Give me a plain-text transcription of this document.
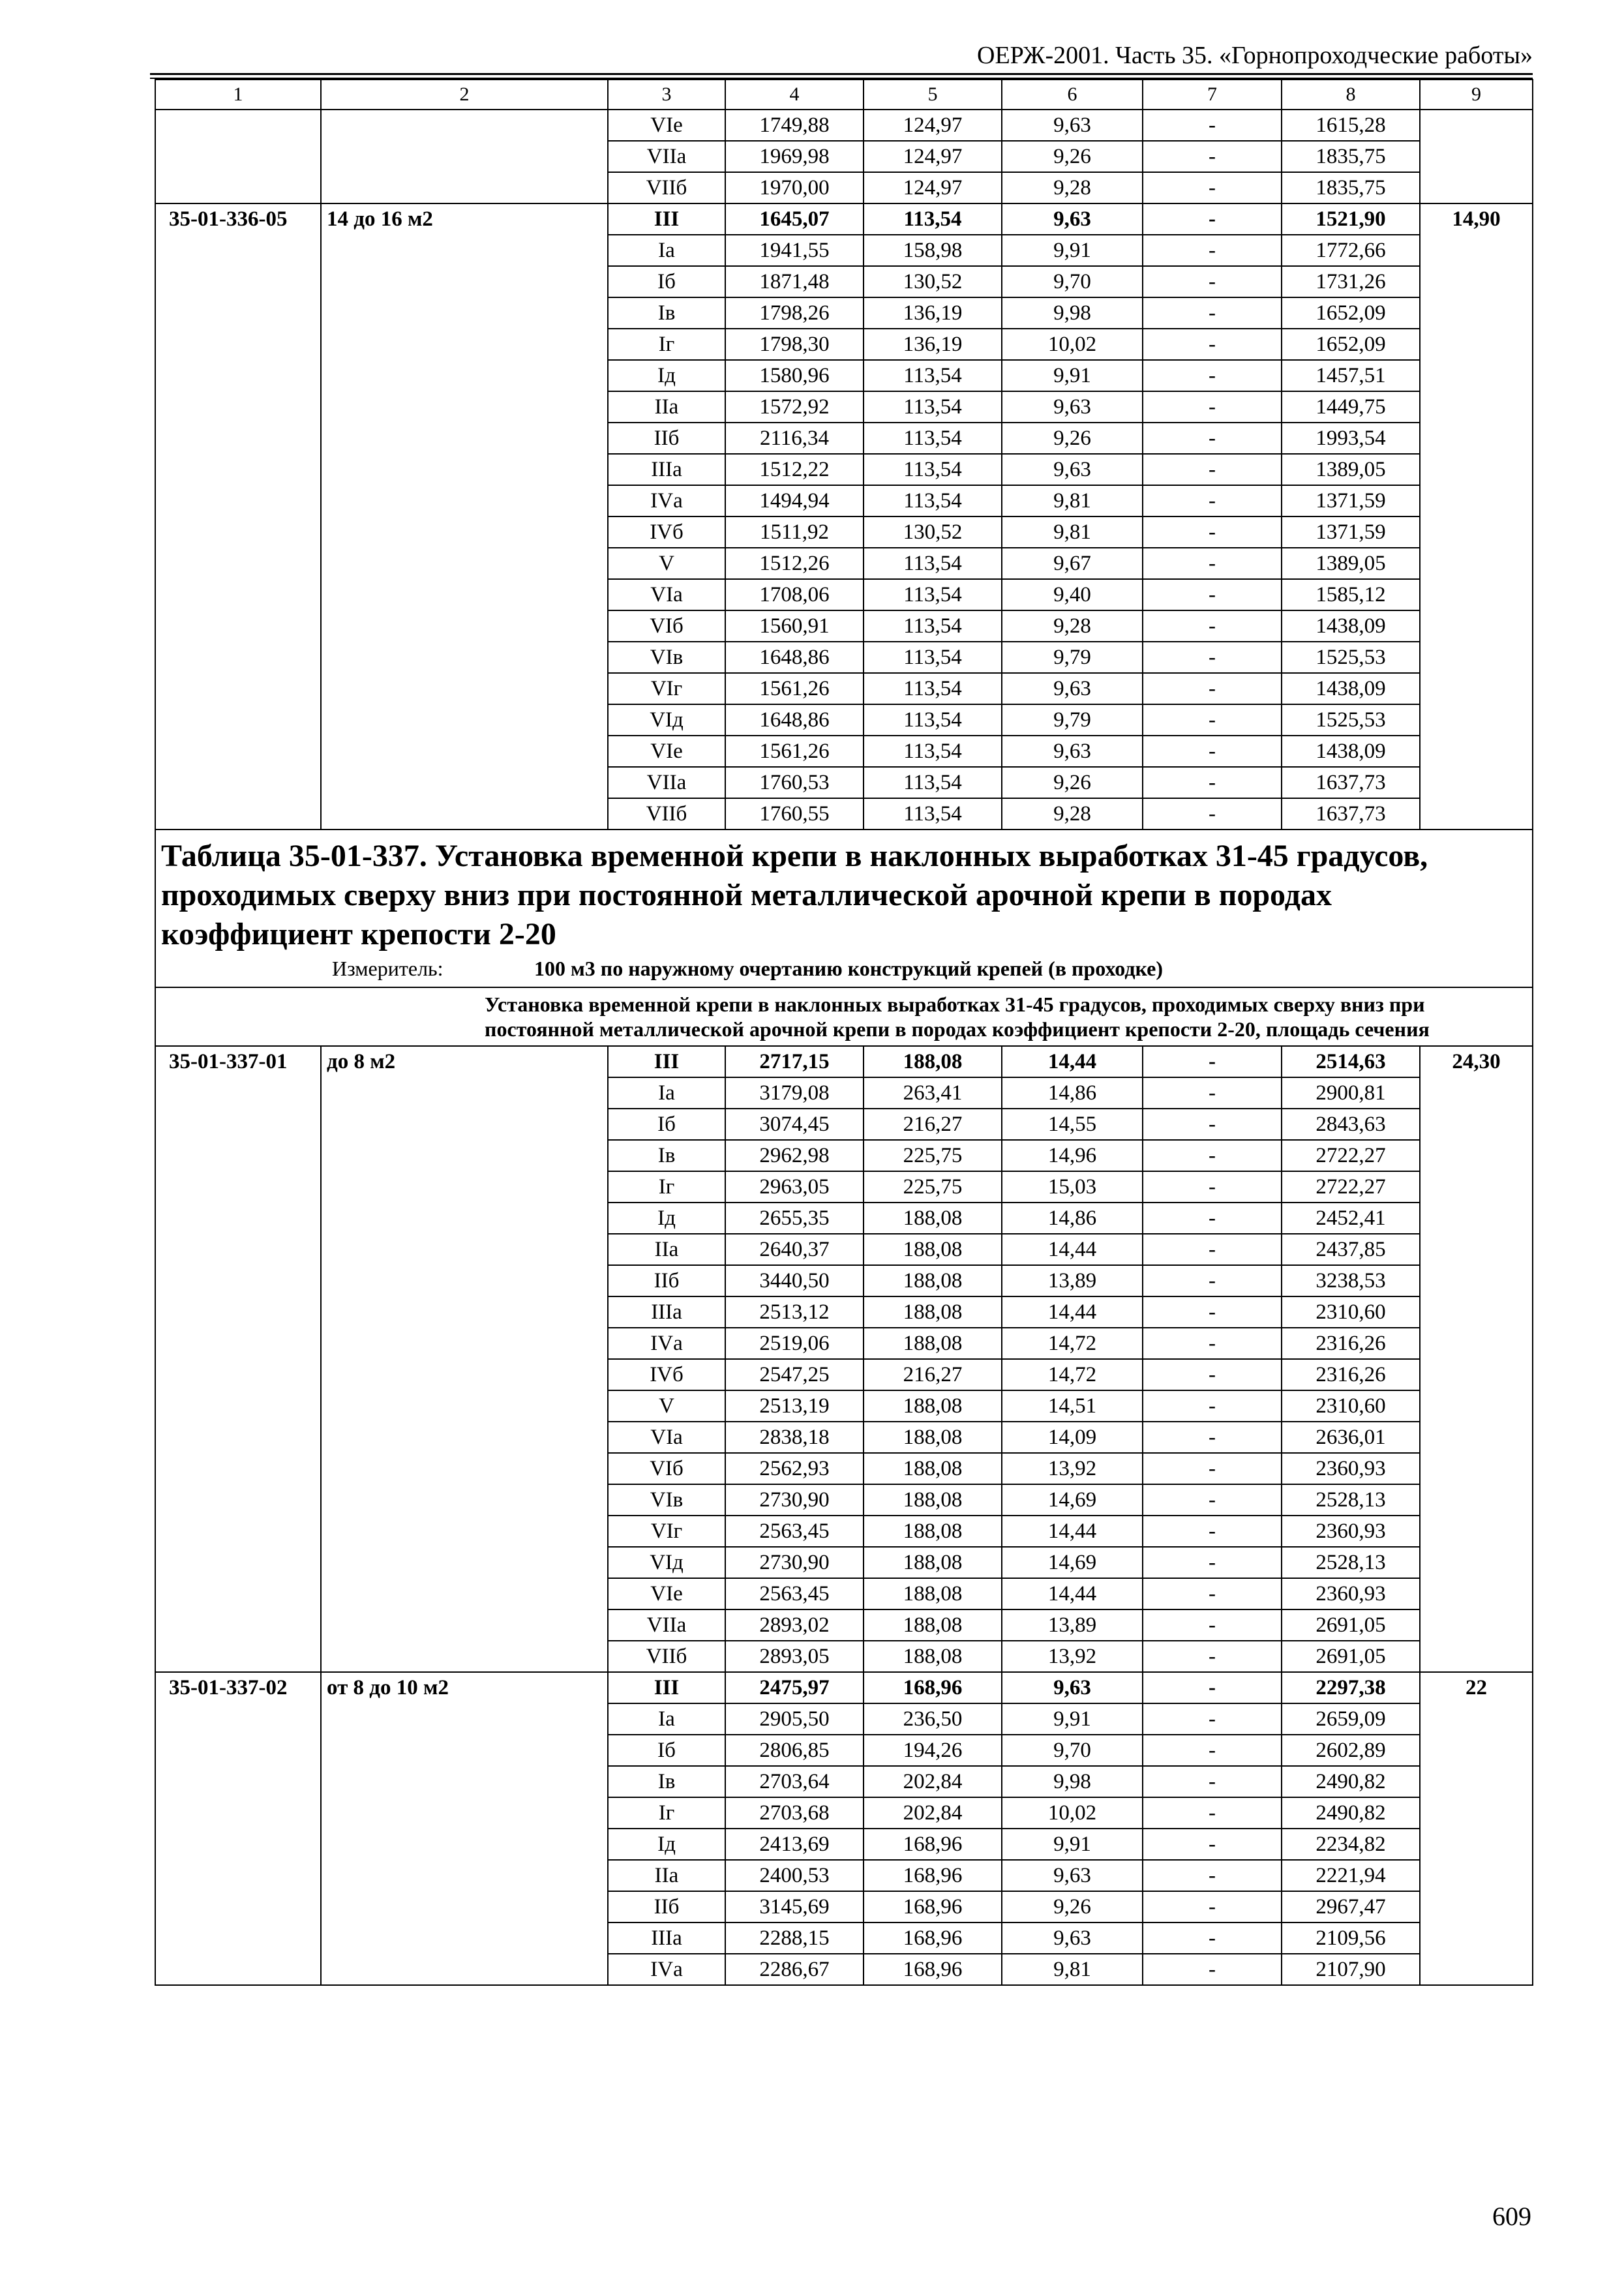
ОЕРЖ-2001. Часть 35. «Горнопроходческие работы»
1	2	3	4	5	6	7	8	9
		VIе	1749,88	124,97	9,63	-	1615,28	
		VIIа	1969,98	124,97	9,26	-	1835,75	
		VIIб	1970,00	124,97	9,28	-	1835,75	
35-01-336-05	14 до 16 м2	III	1645,07	113,54	9,63	-	1521,90	14,90
		Iа	1941,55	158,98	9,91	-	1772,66	
		Iб	1871,48	130,52	9,70	-	1731,26	
		Iв	1798,26	136,19	9,98	-	1652,09	
		Iг	1798,30	136,19	10,02	-	1652,09	
		Iд	1580,96	113,54	9,91	-	1457,51	
		IIа	1572,92	113,54	9,63	-	1449,75	
		IIб	2116,34	113,54	9,26	-	1993,54	
		IIIа	1512,22	113,54	9,63	-	1389,05	
		IVа	1494,94	113,54	9,81	-	1371,59	
		IVб	1511,92	130,52	9,81	-	1371,59	
		V	1512,26	113,54	9,67	-	1389,05	
		VIа	1708,06	113,54	9,40	-	1585,12	
		VIб	1560,91	113,54	9,28	-	1438,09	
		VIв	1648,86	113,54	9,79	-	1525,53	
		VIг	1561,26	113,54	9,63	-	1438,09	
		VIд	1648,86	113,54	9,79	-	1525,53	
		VIе	1561,26	113,54	9,63	-	1438,09	
		VIIа	1760,53	113,54	9,26	-	1637,73	
		VIIб	1760,55	113,54	9,28	-	1637,73	

Таблица 35-01-337. Установка временной крепи в наклонных выработках 31-45 градусов, проходимых сверху вниз при постоянной металлической арочной крепи в породах коэффициент крепости 2-20
Измеритель: 100 м3 по наружному очертанию конструкций крепей (в проходке)								

Установка временной крепи в наклонных выработках 31-45 градусов, проходимых сверху вниз при постоянной металлической арочной крепи в породах коэффициент крепости 2-20, площадь сечения								
35-01-337-01	до 8 м2	III	2717,15	188,08	14,44	-	2514,63	24,30
		Iа	3179,08	263,41	14,86	-	2900,81	
		Iб	3074,45	216,27	14,55	-	2843,63	
		Iв	2962,98	225,75	14,96	-	2722,27	
		Iг	2963,05	225,75	15,03	-	2722,27	
		Iд	2655,35	188,08	14,86	-	2452,41	
		IIа	2640,37	188,08	14,44	-	2437,85	
		IIб	3440,50	188,08	13,89	-	3238,53	
		IIIа	2513,12	188,08	14,44	-	2310,60	
		IVа	2519,06	188,08	14,72	-	2316,26	
		IVб	2547,25	216,27	14,72	-	2316,26	
		V	2513,19	188,08	14,51	-	2310,60	
		VIа	2838,18	188,08	14,09	-	2636,01	
		VIб	2562,93	188,08	13,92	-	2360,93	
		VIв	2730,90	188,08	14,69	-	2528,13	
		VIг	2563,45	188,08	14,44	-	2360,93	
		VIд	2730,90	188,08	14,69	-	2528,13	
		VIе	2563,45	188,08	14,44	-	2360,93	
		VIIа	2893,02	188,08	13,89	-	2691,05	
		VIIб	2893,05	188,08	13,92	-	2691,05	
35-01-337-02	от 8 до 10 м2	III	2475,97	168,96	9,63	-	2297,38	22
		Iа	2905,50	236,50	9,91	-	2659,09	
		Iб	2806,85	194,26	9,70	-	2602,89	
		Iв	2703,64	202,84	9,98	-	2490,82	
		Iг	2703,68	202,84	10,02	-	2490,82	
		Iд	2413,69	168,96	9,91	-	2234,82	
		IIа	2400,53	168,96	9,63	-	2221,94	
		IIб	3145,69	168,96	9,26	-	2967,47	
		IIIа	2288,15	168,96	9,63	-	2109,56	
		IVа	2286,67	168,96	9,81	-	2107,90	
609
